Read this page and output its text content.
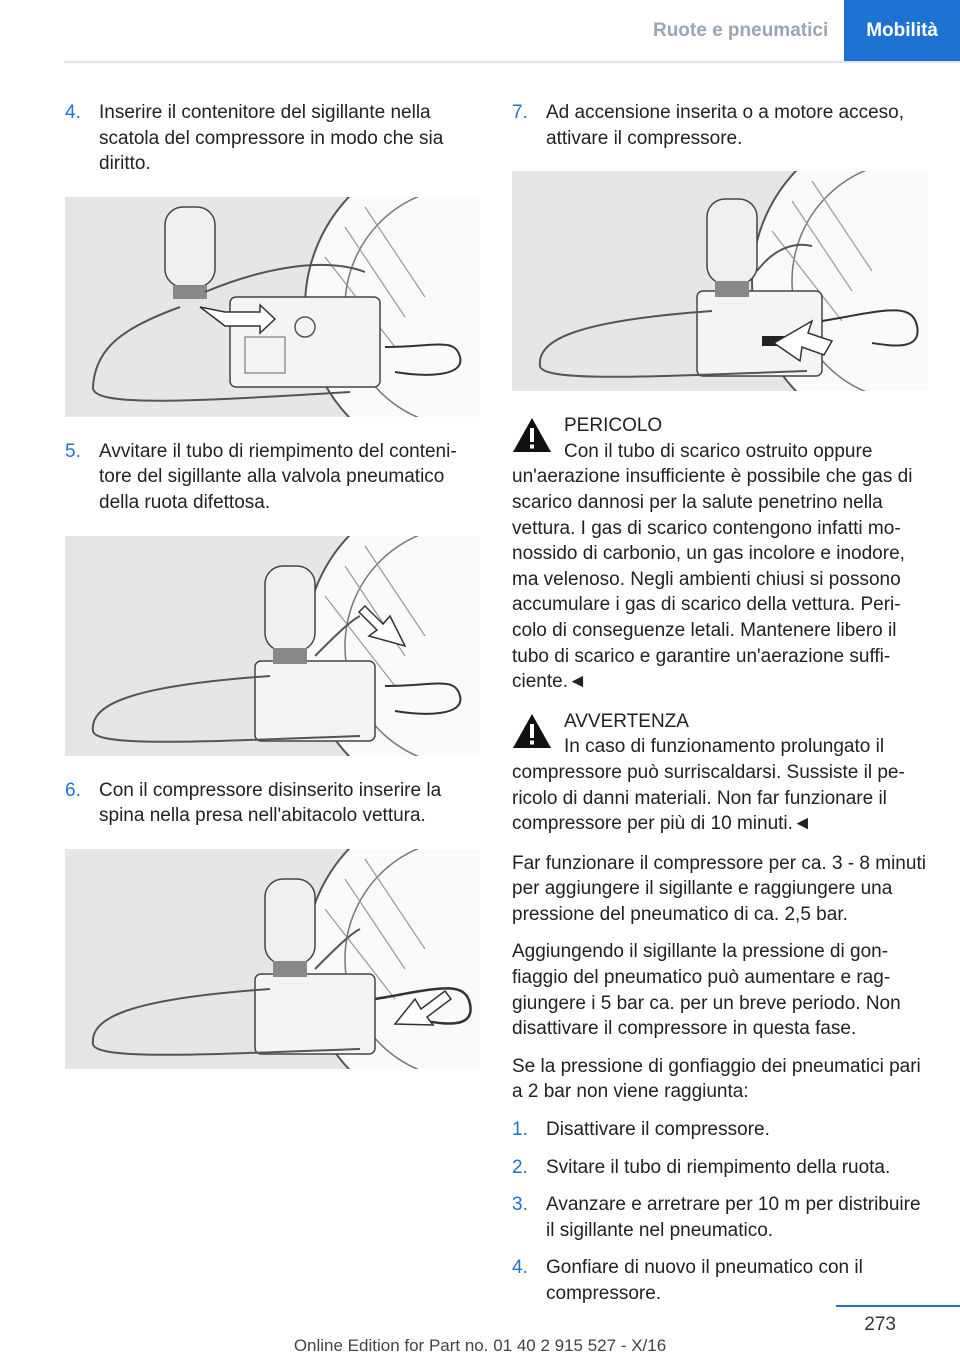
Ruote e pneumatici	Mobilità
4. Inserire il contenitore del sigillante nella scatola del compressore in modo che sia diritto.
5. Avvitare il tubo di riempimento del contenitore del sigillante alla valvola pneumatico della ruota difettosa.
6. Con il compressore disinserito inserire la spina nella presa nell'abitacolo vettura.
7. Ad accensione inserita o a motore acceso, attivare il compressore.
PERICOLO
Con il tubo di scarico ostruito oppure un'aerazione insufficiente è possibile che gas di scarico dannosi per la salute penetrino nella vettura. I gas di scarico contengono infatti monossido di carbonio, un gas incolore e inodore, ma velenoso. Negli ambienti chiusi si possono accumulare i gas di scarico della vettura. Pericolo di conseguenze letali. Mantenere libero il tubo di scarico e garantire un'aerazione sufficiente.◄
AVVERTENZA
In caso di funzionamento prolungato il compressore può surriscaldarsi. Sussiste il pericolo di danni materiali. Non far funzionare il compressore per più di 10 minuti.◄

Far funzionare il compressore per ca. 3 - 8 minuti per aggiungere il sigillante e raggiungere una pressione del pneumatico di ca. 2,5 bar.

Aggiungendo il sigillante la pressione di gonfiaggio del pneumatico può aumentare e raggiungere i 5 bar ca. per un breve periodo. Non disattivare il compressore in questa fase.

Se la pressione di gonfiaggio dei pneumatici pari a 2 bar non viene raggiunta:

1. Disattivare il compressore.
2. Svitare il tubo di riempimento della ruota.
3. Avanzare e arretrare per 10 m per distribuire il sigillante nel pneumatico.
4. Gonfiare di nuovo il pneumatico con il compressore.
273
Online Edition for Part no. 01 40 2 915 527 - X/16
